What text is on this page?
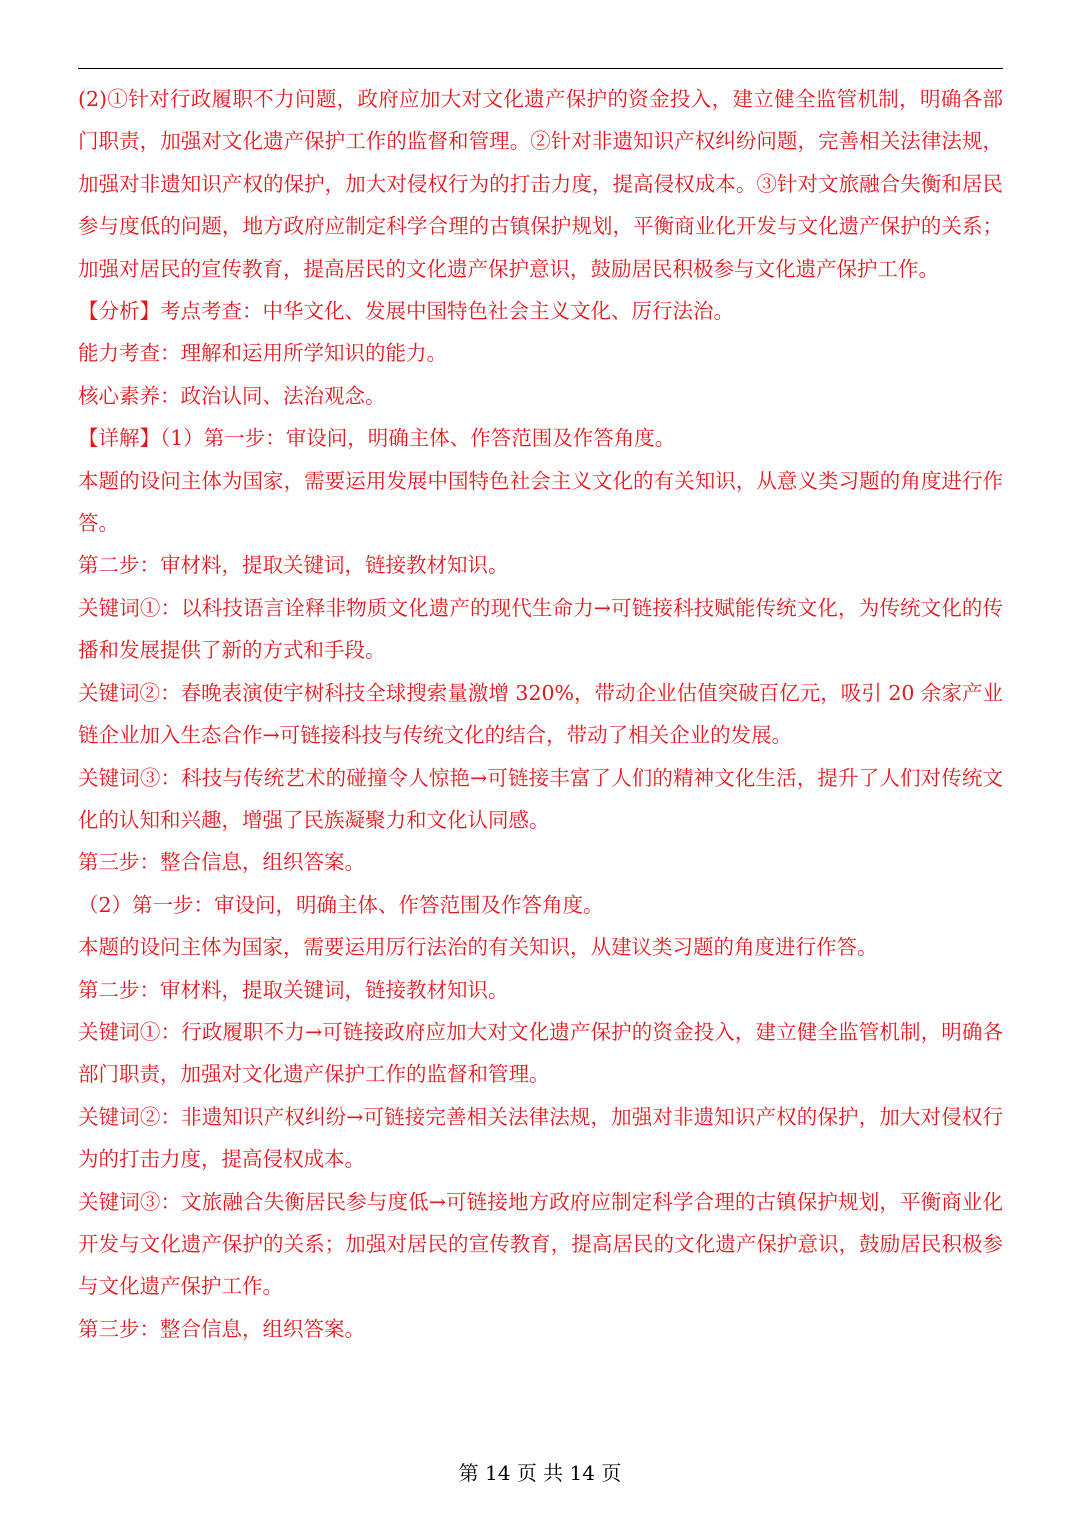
(2)①针对行政履职不力问题，政府应加大对文化遗产保护的资金投入，建立健全监管机制，明确各部门职责，加强对文化遗产保护工作的监督和管理。②针对非遗知识产权纠纷问题，完善相关法律法规，加强对非遗知识产权的保护，加大对侵权行为的打击力度，提高侵权成本。③针对文旅融合失衡和居民参与度低的问题，地方政府应制定科学合理的古镇保护规划，平衡商业化开发与文化遗产保护的关系；加强对居民的宣传教育，提高居民的文化遗产保护意识，鼓励居民积极参与文化遗产保护工作。

【分析】考点考查：中华文化、发展中国特色社会主义文化、厉行法治。

能力考查：理解和运用所学知识的能力。

核心素养：政治认同、法治观念。

【详解】（1）第一步：审设问，明确主体、作答范围及作答角度。

本题的设问主体为国家，需要运用发展中国特色社会主义文化的有关知识，从意义类习题的角度进行作答。

第二步：审材料，提取关键词，链接教材知识。

关键词①：以科技语言诠释非物质文化遗产的现代生命力→可链接科技赋能传统文化，为传统文化的传播和发展提供了新的方式和手段。

关键词②：春晚表演使宇树科技全球搜索量激增 320%，带动企业估值突破百亿元，吸引 20 余家产业链企业加入生态合作→可链接科技与传统文化的结合，带动了相关企业的发展。

关键词③：科技与传统艺术的碰撞令人惊艳→可链接丰富了人们的精神文化生活，提升了人们对传统文化的认知和兴趣，增强了民族凝聚力和文化认同感。

第三步：整合信息，组织答案。

（2）第一步：审设问，明确主体、作答范围及作答角度。

本题的设问主体为国家，需要运用厉行法治的有关知识，从建议类习题的角度进行作答。

第二步：审材料，提取关键词，链接教材知识。

关键词①：行政履职不力→可链接政府应加大对文化遗产保护的资金投入，建立健全监管机制，明确各部门职责，加强对文化遗产保护工作的监督和管理。

关键词②：非遗知识产权纠纷→可链接完善相关法律法规，加强对非遗知识产权的保护，加大对侵权行为的打击力度，提高侵权成本。

关键词③：文旅融合失衡居民参与度低→可链接地方政府应制定科学合理的古镇保护规划，平衡商业化开发与文化遗产保护的关系；加强对居民的宣传教育，提高居民的文化遗产保护意识，鼓励居民积极参与文化遗产保护工作。

第三步：整合信息，组织答案。

第 14 页 共 14 页
